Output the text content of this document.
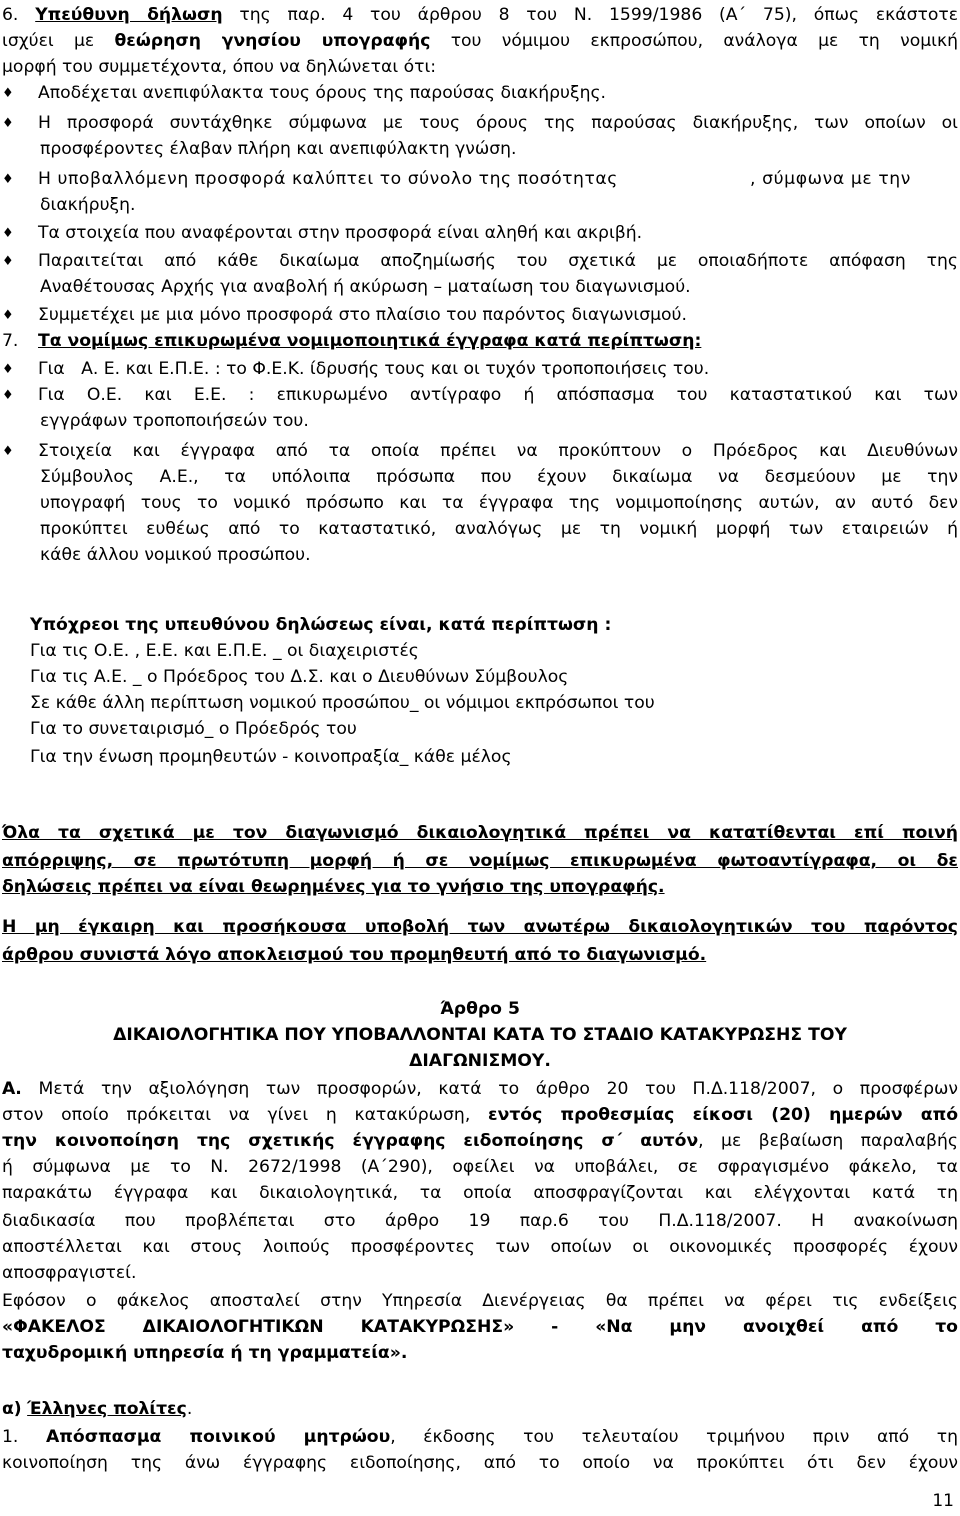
6. Υπεύθυνη δήλωση της παρ. 4 του άρθρου 8 του Ν. 1599/1986 (Α΄ 75), όπως εκάστοτε
ισχύει με θεώρηση γνησίου υπογραφής του νόμιμου εκπροσώπου, ανάλογα με τη νομική
μορφή του συμμετέχοντα, όπου να δηλώνεται ότι:
♦ Αποδέχεται ανεπιφύλακτα τους όρους της παρούσας διακήρυξης.
♦ Η προσφορά συντάχθηκε σύμφωνα με τους όρους της παρούσας διακήρυξης, των οποίων οι
προσφέροντες έλαβαν πλήρη και ανεπιφύλακτη γνώση.
♦ Η υποβαλλόμενη προσφορά καλύπτει το σύνολο της ποσότητας	, σύμφωνα με την
διακήρυξη.
♦ Τα στοιχεία που αναφέρονται στην προσφορά είναι αληθή και ακριβή.
♦ Παραιτείται από κάθε δικαίωμα αποζημίωσής του σχετικά με οποιαδήποτε απόφαση της
Αναθέτουσας Αρχής για αναβολή ή ακύρωση – ματαίωση του διαγωνισμού.
♦ Συμμετέχει με μια μόνο προσφορά στο πλαίσιο του παρόντος διαγωνισμού.
7. Τα νομίμως επικυρωμένα νομιμοποιητικά έγγραφα κατά περίπτωση:
♦ Για   Α. Ε. και Ε.Π.Ε. : το Φ.Ε.Κ. ίδρυσής τους και οι τυχόν τροποποιήσεις του.
♦ Για Ο.Ε. και Ε.Ε. : επικυρωμένο αντίγραφο ή απόσπασμα του καταστατικού και των
εγγράφων τροποποιήσεών του.
♦ Στοιχεία και έγγραφα από τα οποία πρέπει να προκύπτουν ο Πρόεδρος και Διευθύνων
Σύμβουλος Α.Ε., τα υπόλοιπα πρόσωπα που έχουν δικαίωμα να δεσμεύουν με την
υπογραφή τους το νομικό πρόσωπο και τα έγγραφα της νομιμοποίησης αυτών, αν αυτό δεν
προκύπτει ευθέως από το καταστατικό, αναλόγως με τη νομική μορφή των εταιρειών ή
κάθε άλλου νομικού προσώπου.
Υπόχρεοι της υπευθύνου δηλώσεως είναι, κατά περίπτωση :
Για τις Ο.Ε. , Ε.Ε. και Ε.Π.Ε. _ οι διαχειριστές
Για τις Α.Ε. _ ο Πρόεδρος του Δ.Σ. και ο Διευθύνων Σύμβουλος
Σε κάθε άλλη περίπτωση νομικού προσώπου_ οι νόμιμοι εκπρόσωποι του
Για το συνεταιρισμό_ ο Πρόεδρός του
Για την ένωση προμηθευτών - κοινοπραξία_ κάθε μέλος
Όλα τα σχετικά με τον διαγωνισμό δικαιολογητικά πρέπει να κατατίθενται επί ποινή
απόρριψης, σε πρωτότυπη μορφή ή σε νομίμως επικυρωμένα φωτοαντίγραφα, οι δε
δηλώσεις πρέπει να είναι θεωρημένες για το γνήσιο της υπογραφής.
Η μη έγκαιρη και προσήκουσα υποβολή των ανωτέρω δικαιολογητικών του παρόντος
άρθρου συνιστά λόγο αποκλεισμού του προμηθευτή από το διαγωνισμό.
Άρθρο 5
ΔΙΚΑΙΟΛΟΓΗΤΙΚΑ ΠΟΥ ΥΠΟΒΑΛΛΟΝΤΑΙ ΚΑΤΑ ΤΟ ΣΤΑΔΙΟ ΚΑΤΑΚΥΡΩΣΗΣ ΤΟΥ
ΔΙΑΓΩΝΙΣΜΟΥ.
Α. Μετά την αξιολόγηση των προσφορών, κατά το άρθρο 20 του Π.Δ.118/2007, ο προσφέρων
στον οποίο πρόκειται να γίνει η κατακύρωση, εντός προθεσμίας είκοσι (20) ημερών από
την κοινοποίηση της σχετικής έγγραφης ειδοποίησης σ΄ αυτόν, με βεβαίωση παραλαβής
ή σύμφωνα με το Ν. 2672/1998 (Α΄290), οφείλει να υποβάλει, σε σφραγισμένο φάκελο, τα
παρακάτω έγγραφα και δικαιολογητικά, τα οποία αποσφραγίζονται και ελέγχονται κατά τη
διαδικασία που προβλέπεται στο άρθρο 19 παρ.6 του Π.Δ.118/2007. Η ανακοίνωση
αποστέλλεται και στους λοιπούς προσφέροντες των οποίων οι οικονομικές προσφορές έχουν
αποσφραγιστεί.
Εφόσον ο φάκελος αποσταλεί στην Υπηρεσία Διενέργειας θα πρέπει να φέρει τις ενδείξεις
«ΦΑΚΕΛΟΣ ΔΙΚΑΙΟΛΟΓΗΤΙΚΩΝ ΚΑΤΑΚΥΡΩΣΗΣ» - «Να μην ανοιχθεί από το
ταχυδρομική υπηρεσία ή τη γραμματεία».
α) Έλληνες πολίτες.
1. Απόσπασμα ποινικού μητρώου, έκδοσης του τελευταίου τριμήνου πριν από τη
κοινοποίηση της άνω έγγραφης ειδοποίησης, από το οποίο να προκύπτει ότι δεν έχουν
11
